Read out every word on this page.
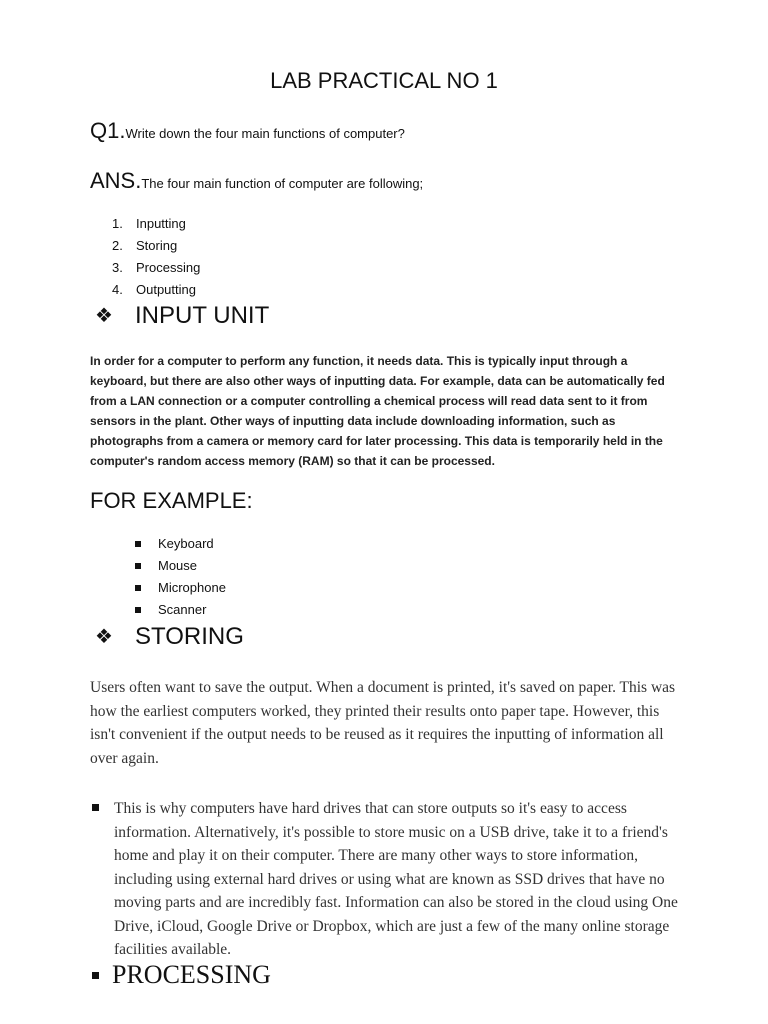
LAB PRACTICAL NO 1
Q1.Write down the four main functions of computer?
ANS.The four main function of computer are following;
1.	Inputting
2.	Storing
3.	Processing
4.	Outputting
❖ INPUT UNIT
In order for a computer to perform any function, it needs data. This is typically input through a keyboard, but there are also other ways of inputting data. For example, data can be automatically fed from a LAN connection or a computer controlling a chemical process will read data sent to it from sensors in the plant. Other ways of inputting data include downloading information, such as photographs from a camera or memory card for later processing. This data is temporarily held in the computer's random access memory (RAM) so that it can be processed.
FOR EXAMPLE:
Keyboard
Mouse
Microphone
Scanner
❖ STORING
Users often want to save the output. When a document is printed, it's saved on paper. This was how the earliest computers worked, they printed their results onto paper tape. However, this isn't convenient if the output needs to be reused as it requires the inputting of information all over again.
This is why computers have hard drives that can store outputs so it's easy to access information. Alternatively, it's possible to store music on a USB drive, take it to a friend's home and play it on their computer. There are many other ways to store information, including using external hard drives or using what are known as SSD drives that have no moving parts and are incredibly fast. Information can also be stored in the cloud using One Drive, iCloud, Google Drive or Dropbox, which are just a few of the many online storage facilities available.
PROCESSING
